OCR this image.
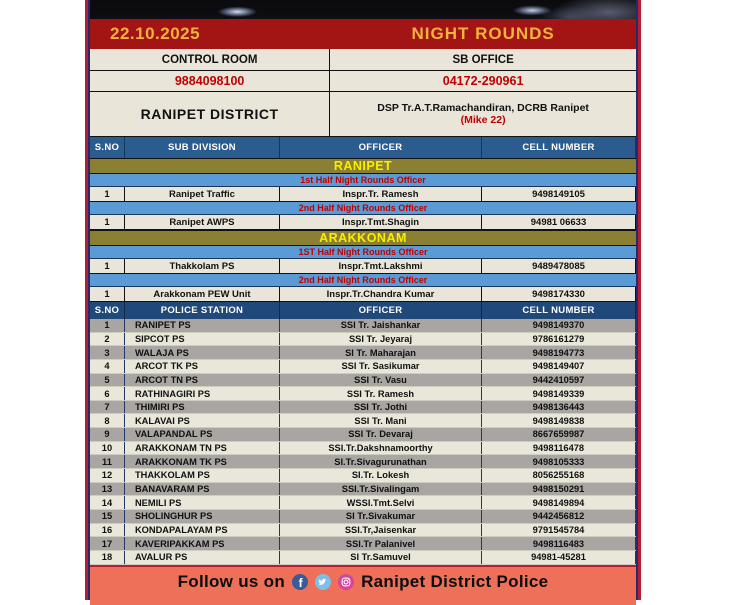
22.10.2025	NIGHT ROUNDS
CONTROL ROOM	SB OFFICE
9884098100	04172-290961
RANIPET DISTRICT	DSP Tr.A.T.Ramachandiran, DCRB Ranipet
(Mike 22)
S.NO	SUB DIVISION	OFFICER	CELL NUMBER
RANIPET
1st Half Night Rounds Officer
1	Ranipet Traffic	Inspr.Tr. Ramesh	9498149105
2nd Half Night Rounds Officer
1	Ranipet AWPS	Inspr.Tmt.Shagin	94981 06633
ARAKKONAM
1ST Half Night Rounds Officer
1	Thakkolam PS	Inspr.Tmt.Lakshmi	9489478085
2nd Half Night Rounds Officer
1	Arakkonam PEW Unit	Inspr.Tr.Chandra Kumar	9498174330
S.NO	POLICE STATION	OFFICER	CELL NUMBER
1	RANIPET PS	SSI Tr. Jaishankar	9498149370
2	SIPCOT PS	SSI Tr. Jeyaraj	9786161279
3	WALAJA PS	SI Tr. Maharajan	9498194773
4	ARCOT TK PS	SSI Tr. Sasikumar	9498149407
5	ARCOT TN PS	SSI Tr. Vasu	9442410597
6	RATHINAGIRI PS	SSI Tr. Ramesh	9498149339
7	THIMIRI PS	SSI Tr. Jothi	9498136443
8	KALAVAI PS	SSI Tr. Mani	9498149838
9	VALAPANDAL PS	SSI Tr. Devaraj	8667659987
10	ARAKKONAM TN PS	SSI.Tr.Dakshnamoorthy	9498116478
11	ARAKKONAM TK PS	SI.Tr.Sivagurunathan	9498105333
12	THAKKOLAM PS	SI.Tr. Lokesh	8056255168
13	BANAVARAM PS	SSI.Tr.Sivalingam	9498150291
14	NEMILI PS	WSSI.Tmt.Selvi	9498149894
15	SHOLINGHUR PS	SI Tr.Sivakumar	9442456812
16	KONDAPALAYAM PS	SSI.Tr,Jaisenkar	9791545784
17	KAVERIPAKKAM PS	SSI.Tr Palanivel	9498116483
18	AVALUR PS	SI Tr.Samuvel	94981-45281
Follow us on f	Ranipet District Police
